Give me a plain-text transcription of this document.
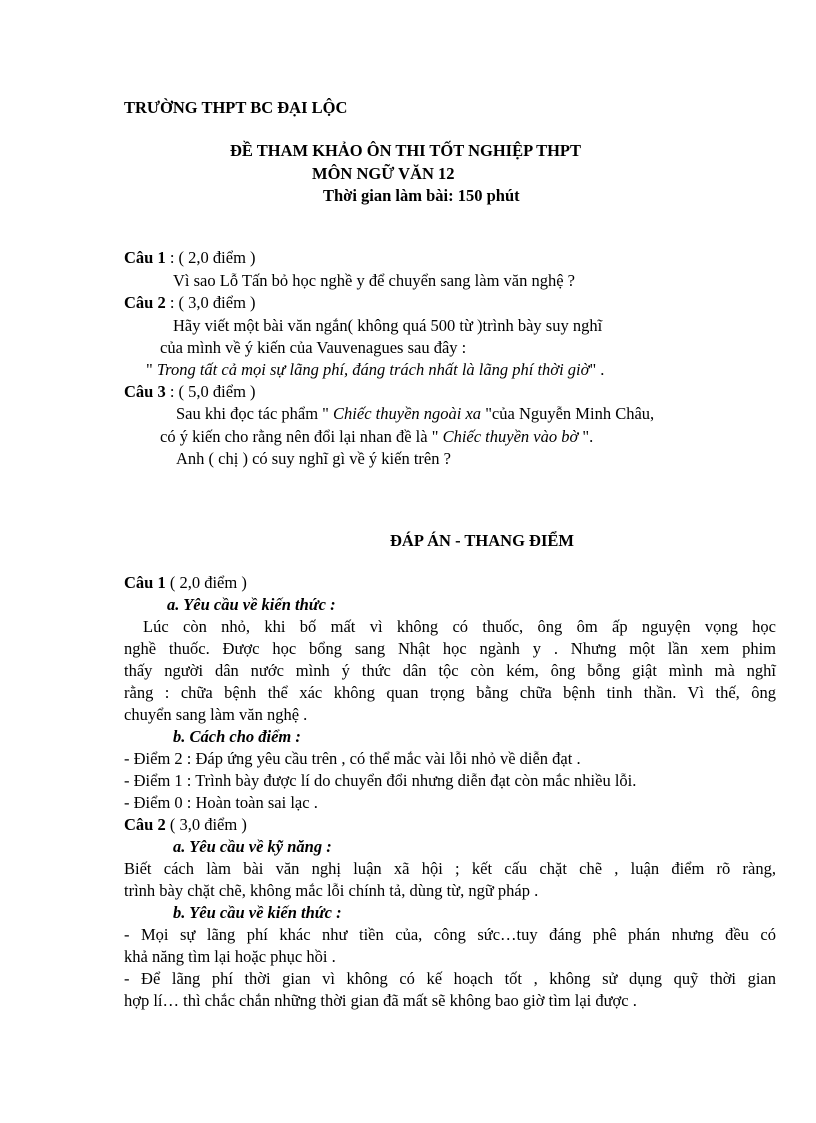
TRƯỜNG THPT BC ĐẠI LỘC
ĐỀ THAM KHẢO ÔN THI TỐT NGHIỆP THPT
MÔN NGỮ VĂN 12
Thời gian làm bài: 150 phút
Câu 1 : ( 2,0 điểm )
Vì sao Lỗ Tấn bỏ học nghề y để chuyển sang làm văn nghệ ?
Câu 2 : ( 3,0 điểm )
Hãy viết một bài văn ngắn( không quá 500 từ )trình bày suy nghĩ
của mình về ý kiến của Vauvenagues sau đây :
" Trong tất cả mọi sự lãng phí, đáng trách nhất là lãng phí thời giờ" .
Câu 3 : ( 5,0 điểm )
Sau khi đọc tác phẩm " Chiếc thuyền ngoài xa "của Nguyễn Minh Châu,
có ý kiến cho rằng nên đổi lại nhan đề là " Chiếc thuyền vào bờ ".
Anh ( chị ) có suy nghĩ gì về ý kiến trên ?
ĐÁP ÁN - THANG ĐIỂM
Câu 1 ( 2,0 điểm )
a. Yêu cầu về kiến thức :
Lúc còn nhỏ, khi bố mất vì không có thuốc, ông ôm ấp nguyện vọng học
nghề thuốc. Được học bổng sang Nhật học ngành y . Nhưng một lần xem phim
thấy người dân nước mình ý thức dân tộc còn kém, ông bỗng giật mình mà nghĩ
rằng : chữa bệnh thể xác không quan trọng bằng chữa bệnh tinh thần. Vì thế, ông
chuyển sang làm văn nghệ .
b. Cách cho điểm :
- Điểm 2 : Đáp ứng yêu cầu trên , có thể mắc vài lỗi nhỏ về diễn đạt .
- Điểm 1 : Trình bày được lí do chuyển đổi nhưng diễn đạt còn mắc nhiều lỗi.
- Điểm 0 : Hoàn toàn sai lạc .
Câu 2 ( 3,0 điểm )
a. Yêu cầu về kỹ năng :
Biết cách làm bài văn nghị luận xã hội ; kết cấu chặt chẽ , luận điểm rõ ràng,
trình bày chặt chẽ, không mắc lỗi chính tả, dùng từ, ngữ pháp .
b. Yêu cầu về kiến thức :
- Mọi sự lãng phí khác như tiền của, công sức…tuy đáng phê phán nhưng đều có
khả năng tìm lại hoặc phục hồi .
- Để lãng phí thời gian vì không có kế hoạch tốt , không sử dụng quỹ thời gian
hợp lí… thì chắc chắn những thời gian đã mất sẽ không bao giờ tìm lại được .
